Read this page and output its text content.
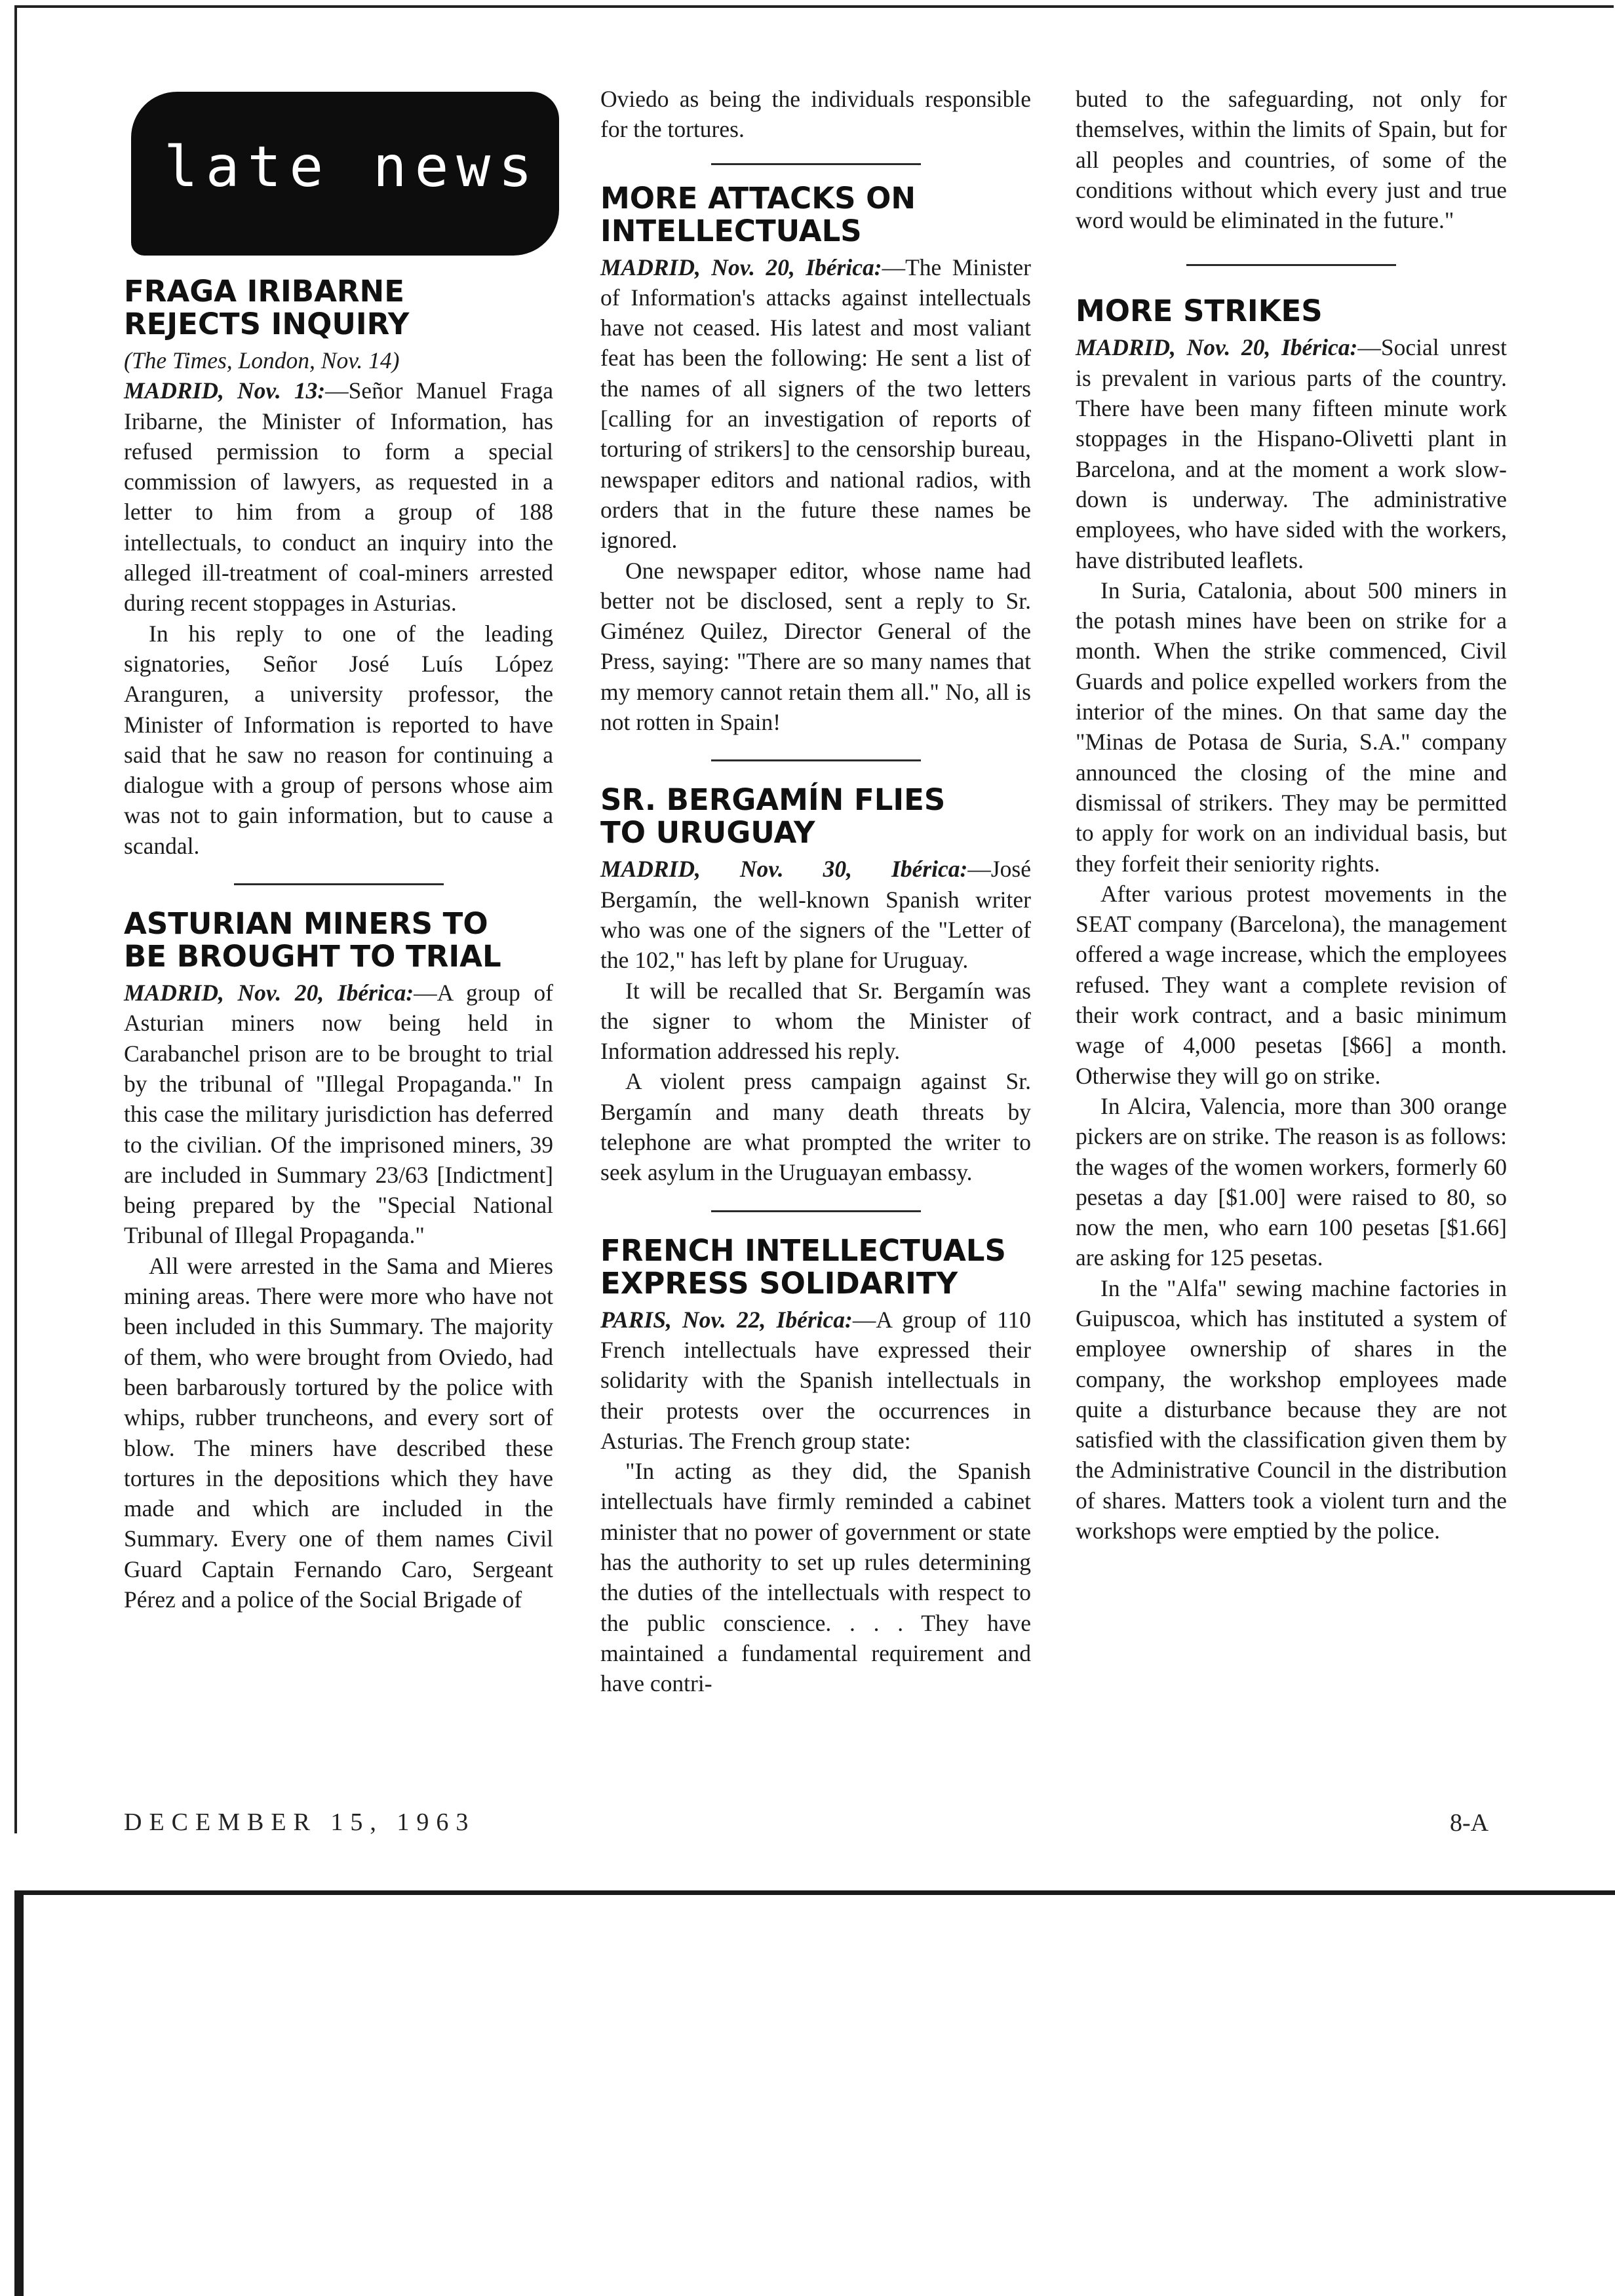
late news
FRAGA IRIBARNE
REJECTS INQUIRY

(The Times, London, Nov. 14)

MADRID, Nov. 13:—Señor Manuel Fraga Iribarne, the Minister of Information, has refused permission to form a special commission of lawyers, as requested in a letter to him from a group of 188 intellectuals, to conduct an inquiry into the alleged ill-treatment of coal-miners arrested during recent stoppages in Asturias.

In his reply to one of the leading signatories, Señor José Luís López Aranguren, a university professor, the Minister of Information is reported to have said that he saw no reason for continuing a dialogue with a group of persons whose aim was not to gain information, but to cause a scandal.

ASTURIAN MINERS TO
BE BROUGHT TO TRIAL

MADRID, Nov. 20, Ibérica:—A group of Asturian miners now being held in Carabanchel prison are to be brought to trial by the tribunal of "Illegal Propaganda." In this case the military jurisdiction has deferred to the civilian. Of the imprisoned miners, 39 are included in Summary 23/63 [Indictment] being prepared by the "Special National Tribunal of Illegal Propaganda."

All were arrested in the Sama and Mieres mining areas. There were more who have not been included in this Summary. The majority of them, who were brought from Oviedo, had been barbarously tortured by the police with whips, rubber truncheons, and every sort of blow. The miners have described these tortures in the depositions which they have made and which are included in the Summary. Every one of them names Civil Guard Captain Fernando Caro, Sergeant Pérez and a police of the Social Brigade of

Oviedo as being the individuals responsible for the tortures.

MORE ATTACKS ON
INTELLECTUALS

MADRID, Nov. 20, Ibérica:—The Minister of Information's attacks against intellectuals have not ceased. His latest and most valiant feat has been the following: He sent a list of the names of all signers of the two letters [calling for an investigation of reports of torturing of strikers] to the censorship bureau, newspaper editors and national radios, with orders that in the future these names be ignored.

One newspaper editor, whose name had better not be disclosed, sent a reply to Sr. Giménez Quilez, Director General of the Press, saying: "There are so many names that my memory cannot retain them all." No, all is not rotten in Spain!

SR. BERGAMÍN FLIES
TO URUGUAY

MADRID, Nov. 30, Ibérica:—José Bergamín, the well-known Spanish writer who was one of the signers of the "Letter of the 102," has left by plane for Uruguay.

It will be recalled that Sr. Bergamín was the signer to whom the Minister of Information addressed his reply.

A violent press campaign against Sr. Bergamín and many death threats by telephone are what prompted the writer to seek asylum in the Uruguayan embassy.

FRENCH INTELLECTUALS
EXPRESS SOLIDARITY

PARIS, Nov. 22, Ibérica:—A group of 110 French intellectuals have expressed their solidarity with the Spanish intellectuals in their protests over the occurrences in Asturias. The French group state:

"In acting as they did, the Spanish intellectuals have firmly reminded a cabinet minister that no power of government or state has the authority to set up rules determining the duties of the intellectuals with respect to the public conscience. . . . They have maintained a fundamental requirement and have contri-

buted to the safeguarding, not only for themselves, within the limits of Spain, but for all peoples and countries, of some of the conditions without which every just and true word would be eliminated in the future."

MORE STRIKES

MADRID, Nov. 20, Ibérica:—Social unrest is prevalent in various parts of the country. There have been many fifteen minute work stoppages in the Hispano-Olivetti plant in Barcelona, and at the moment a work slow-down is underway. The administrative employees, who have sided with the workers, have distributed leaflets.

In Suria, Catalonia, about 500 miners in the potash mines have been on strike for a month. When the strike commenced, Civil Guards and police expelled workers from the interior of the mines. On that same day the "Minas de Potasa de Suria, S.A." company announced the closing of the mine and dismissal of strikers. They may be permitted to apply for work on an individual basis, but they forfeit their seniority rights.

After various protest movements in the SEAT company (Barcelona), the management offered a wage increase, which the employees refused. They want a complete revision of their work contract, and a basic minimum wage of 4,000 pesetas [$66] a month. Otherwise they will go on strike.

In Alcira, Valencia, more than 300 orange pickers are on strike. The reason is as follows: the wages of the women workers, formerly 60 pesetas a day [$1.00] were raised to 80, so now the men, who earn 100 pesetas [$1.66] are asking for 125 pesetas.

In the "Alfa" sewing machine factories in Guipuscoa, which has instituted a system of employee ownership of shares in the company, the workshop employees made quite a disturbance because they are not satisfied with the classification given them by the Administrative Council in the distribution of shares. Matters took a violent turn and the workshops were emptied by the police.

DECEMBER 15, 1963	8-A
